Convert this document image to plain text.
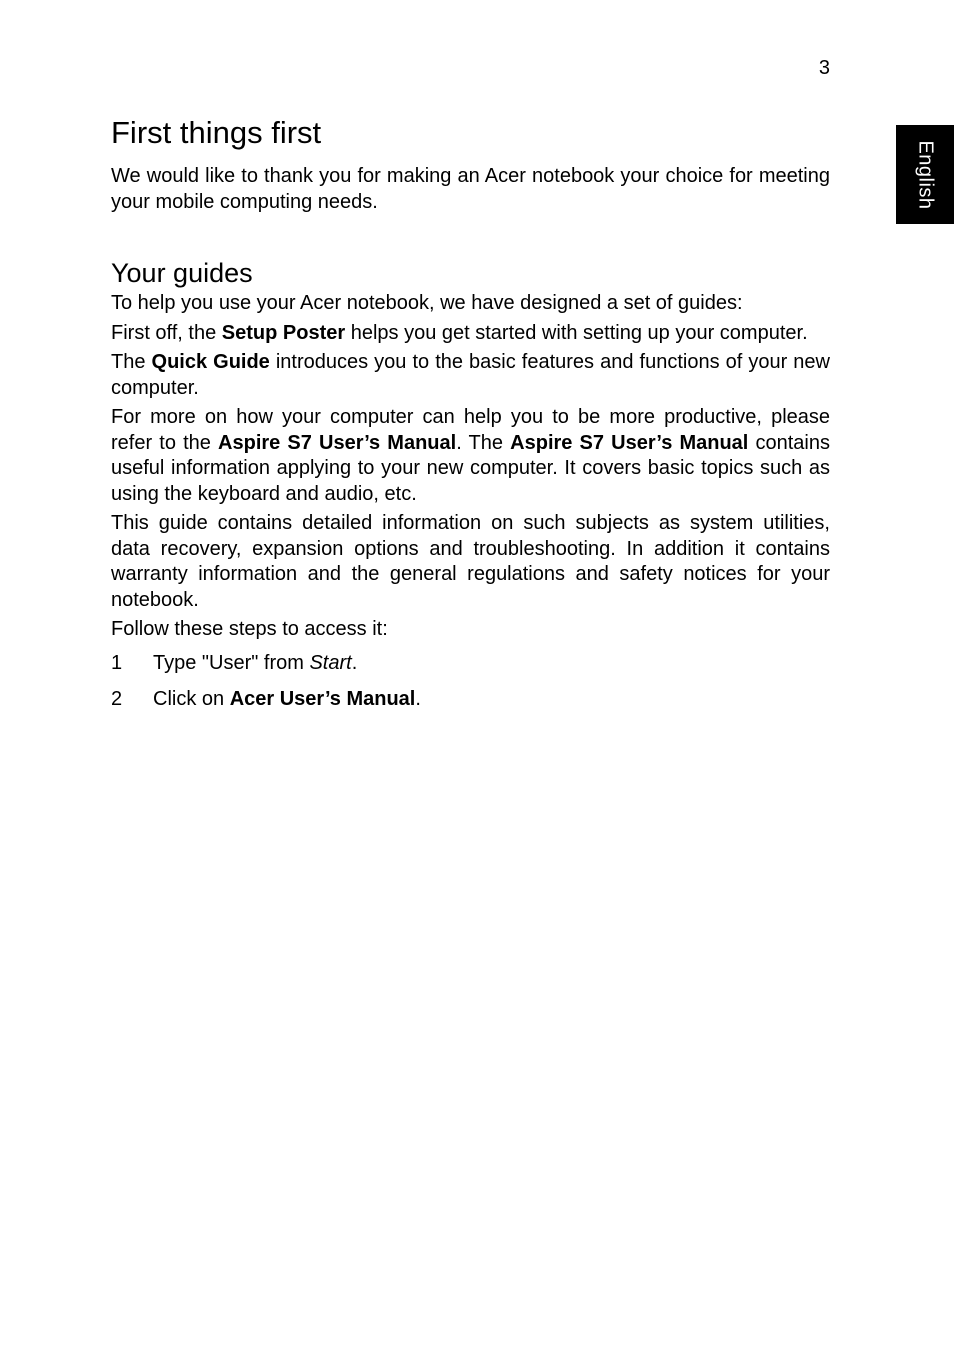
3
English
First things first

We would like to thank you for making an Acer notebook your choice for meeting your mobile computing needs.

Your guides

To help you use your Acer notebook, we have designed a set of guides:

First off, the Setup Poster helps you get started with setting up your computer.

The Quick Guide introduces you to the basic features and functions of your new computer.

For more on how your computer can help you to be more productive, please refer to the Aspire S7 User’s Manual. The Aspire S7 User’s Manual contains useful information applying to your new computer. It covers basic topics such as using the keyboard and audio, etc.

This guide contains detailed information on such subjects as system utilities, data recovery, expansion options and troubleshooting. In addition it contains warranty information and the general regulations and safety notices for your notebook.

Follow these steps to access it:

1	Type "User" from Start.
2	Click on Acer User’s Manual.
